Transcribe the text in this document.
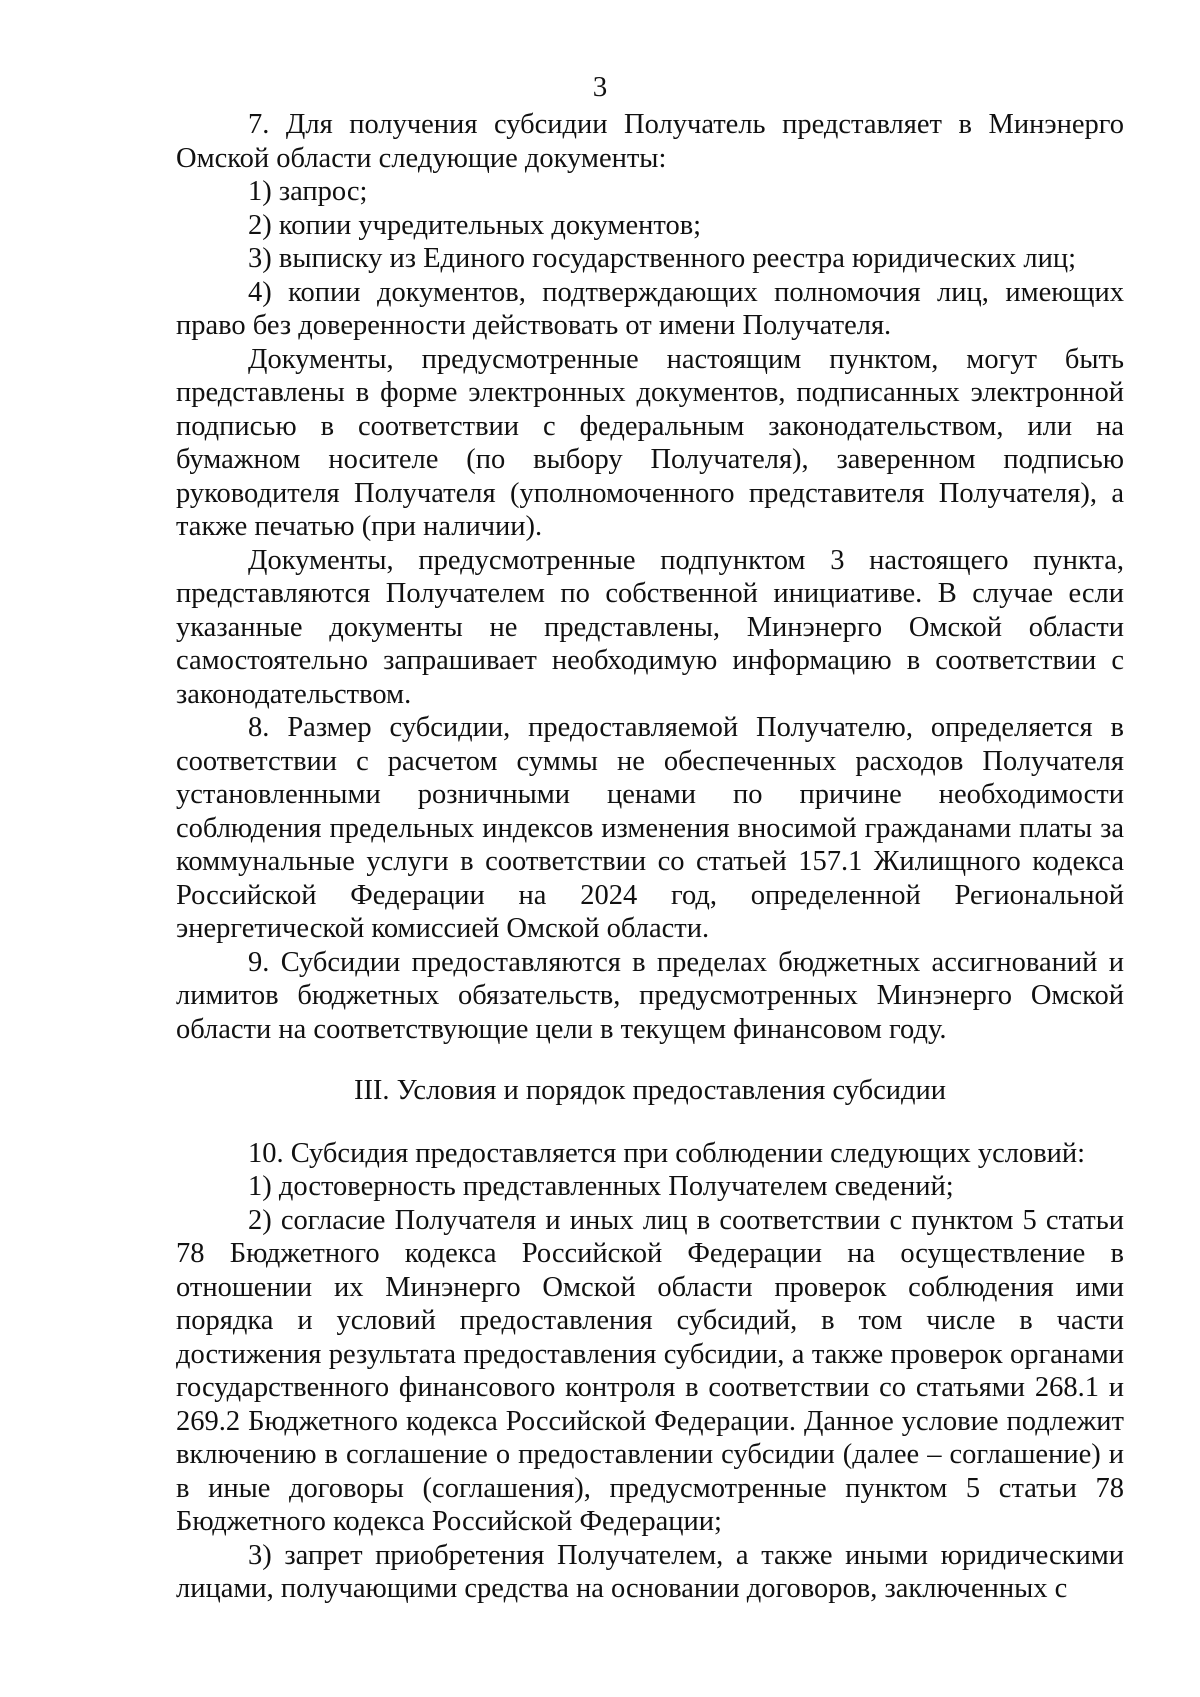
3

7. Для получения субсидии Получатель представляет в Минэнерго Омской области следующие документы:

1) запрос;

2) копии учредительных документов;

3) выписку из Единого государственного реестра юридических лиц;

4) копии документов, подтверждающих полномочия лиц, имеющих право без доверенности действовать от имени Получателя.

Документы, предусмотренные настоящим пунктом, могут быть представлены в форме электронных документов, подписанных электронной подписью в соответствии с федеральным законодательством, или на бумажном носителе (по выбору Получателя), заверенном подписью руководителя Получателя (уполномоченного представителя Получателя), а также печатью (при наличии).

Документы, предусмотренные подпунктом 3 настоящего пункта, представляются Получателем по собственной инициативе. В случае если указанные документы не представлены, Минэнерго Омской области самостоятельно запрашивает необходимую информацию в соответствии с законодательством.

8. Размер субсидии, предоставляемой Получателю, определяется в соответствии с расчетом суммы не обеспеченных расходов Получателя установленными розничными ценами по причине необходимости соблюдения предельных индексов изменения вносимой гражданами платы за коммунальные услуги в соответствии со статьей 157.1 Жилищного кодекса Российской Федерации на 2024 год, определенной Региональной энергетической комиссией Омской области.

9. Субсидии предоставляются в пределах бюджетных ассигнований и лимитов бюджетных обязательств, предусмотренных Минэнерго Омской области на соответствующие цели в текущем финансовом году.

III. Условия и порядок предоставления субсидии

10. Субсидия предоставляется при соблюдении следующих условий:

1) достоверность представленных Получателем сведений;

2) согласие Получателя и иных лиц в соответствии с пунктом 5 статьи 78 Бюджетного кодекса Российской Федерации на осуществление в отношении их Минэнерго Омской области проверок соблюдения ими порядка и условий предоставления субсидий, в том числе в части достижения результата предоставления субсидии, а также проверок органами государственного финансового контроля в соответствии со статьями 268.1 и 269.2 Бюджетного кодекса Российской Федерации. Данное условие подлежит включению в соглашение о предоставлении субсидии (далее – соглашение) и в иные договоры (соглашения), предусмотренные пунктом 5 статьи 78 Бюджетного кодекса Российской Федерации;

3) запрет приобретения Получателем, а также иными юридическими лицами, получающими средства на основании договоров, заключенных с
